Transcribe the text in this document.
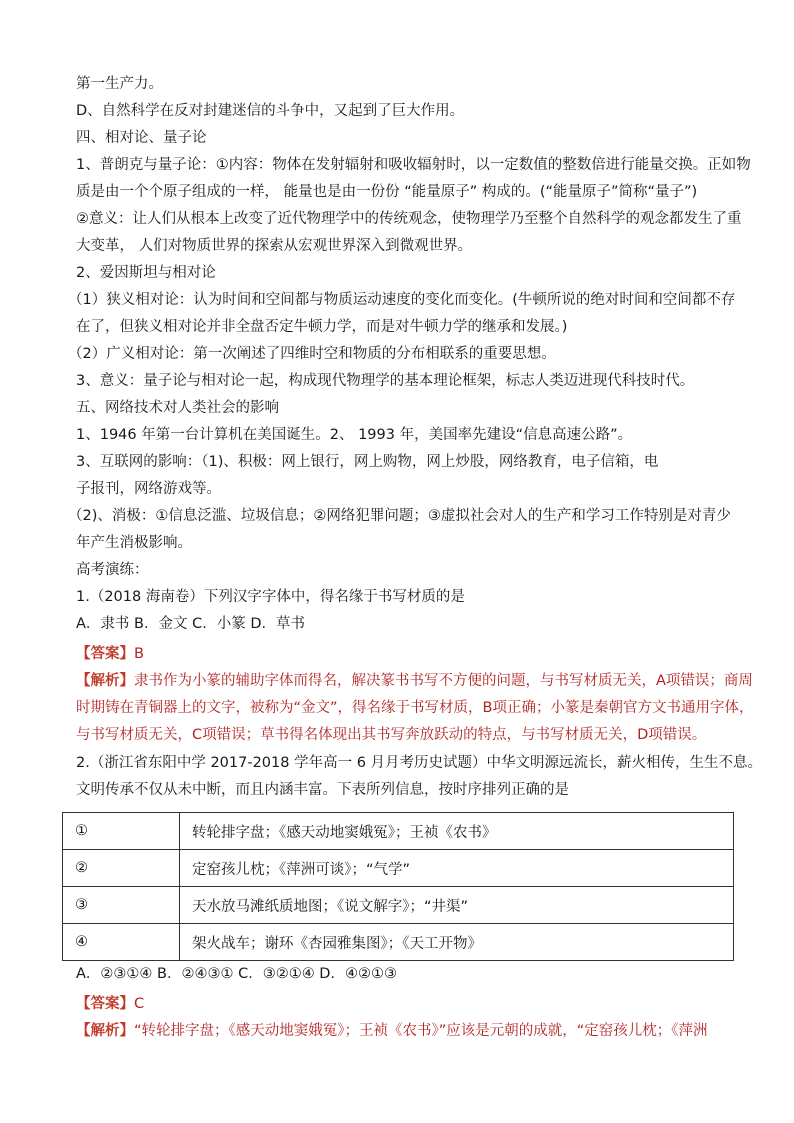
第一生产力。
D、自然科学在反对封建迷信的斗争中，又起到了巨大作用。
四、相对论、量子论
1、普朗克与量子论：①内容：物体在发射辐射和吸收辐射时，以一定数值的整数倍进行能量交换。正如物
质是由一个个原子组成的一样， 能量也是由一份份 “能量原子” 构成的。(“能量原子”简称“量子”)
②意义：让人们从根本上改变了近代物理学中的传统观念，使物理学乃至整个自然科学的观念都发生了重
大变革， 人们对物质世界的探索从宏观世界深入到微观世界。
2、爱因斯坦与相对论
（1）狭义相对论：认为时间和空间都与物质运动速度的变化而变化。(牛顿所说的绝对时间和空间都不存
在了，但狭义相对论并非全盘否定牛顿力学，而是对牛顿力学的继承和发展。)
（2）广义相对论：第一次阐述了四维时空和物质的分布相联系的重要思想。
3、意义：量子论与相对论一起，构成现代物理学的基本理论框架，标志人类迈进现代科技时代。
五、网络技术对人类社会的影响
1、1946 年第一台计算机在美国诞生。2、 1993 年，美国率先建设“信息高速公路”。
3、互联网的影响：（1)、积极：网上银行，网上购物，网上炒股，网络教育，电子信箱，电
子报刊，网络游戏等。
（2)、消极：①信息泛滥、垃圾信息；②网络犯罪问题；③虚拟社会对人的生产和学习工作特别是对青少
年产生消极影响。
高考演练：
1.（2018 海南卷）下列汉字字体中，得名缘于书写材质的是
A．隶书 B．金文 C．小篆 D．草书
【答案】B
【解析】隶书作为小篆的辅助字体而得名，解决篆书书写不方便的问题，与书写材质无关，A项错误；商周
时期铸在青铜器上的文字，被称为“金文”，得名缘于书写材质，B项正确；小篆是秦朝官方文书通用字体，
与书写材质无关，C项错误；草书得名体现出其书写奔放跃动的特点，与书写材质无关，D项错误。
2.（浙江省东阳中学 2017-2018 学年高一 6 月月考历史试题）中华文明源远流长，薪火相传，生生不息。
文明传承不仅从未中断，而且内涵丰富。下表所列信息，按时序排列正确的是
①	转轮排字盘；《感天动地窦娥冤》；王祯《农书》
②	定窑孩儿枕；《萍洲可谈》；“气学”
③	天水放马滩纸质地图；《说文解字》；“井渠”
④	架火战车；谢环《杏园雅集图》；《天工开物》
A．②③①④ B．②④③① C．③②①④ D．④②①③
【答案】C
【解析】“转轮排字盘；《感天动地窦娥冤》；王祯《农书》”应该是元朝的成就，“定窑孩儿枕；《萍洲
